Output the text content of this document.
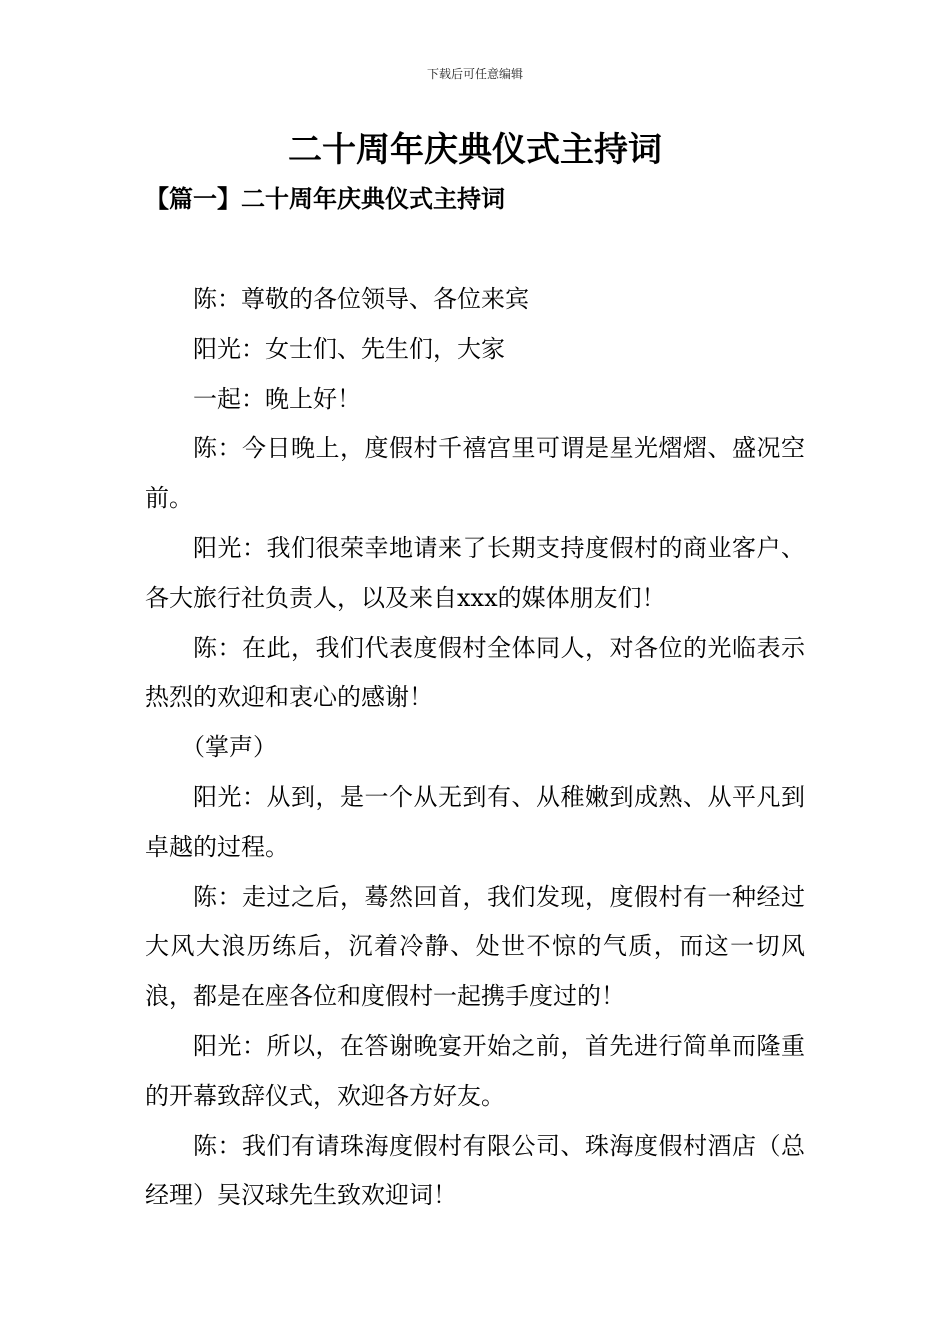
下载后可任意编辑
二十周年庆典仪式主持词
【篇一】二十周年庆典仪式主持词

陈：尊敬的各位领导、各位来宾

阳光：女士们、先生们，大家

一起：晚上好！

陈：今日晚上，度假村千禧宫里可谓是星光熠熠、盛况空前。

阳光：我们很荣幸地请来了长期支持度假村的商业客户、各大旅行社负责人，以及来自xxx的媒体朋友们！

陈：在此，我们代表度假村全体同人，对各位的光临表示热烈的欢迎和衷心的感谢！

（掌声）

阳光：从到，是一个从无到有、从稚嫩到成熟、从平凡到卓越的过程。

陈：走过之后，蓦然回首，我们发现，度假村有一种经过大风大浪历练后，沉着冷静、处世不惊的气质，而这一切风浪，都是在座各位和度假村一起携手度过的！

阳光：所以，在答谢晚宴开始之前，首先进行简单而隆重的开幕致辞仪式，欢迎各方好友。

陈：我们有请珠海度假村有限公司、珠海度假村酒店（总经理）吴汉球先生致欢迎词！
